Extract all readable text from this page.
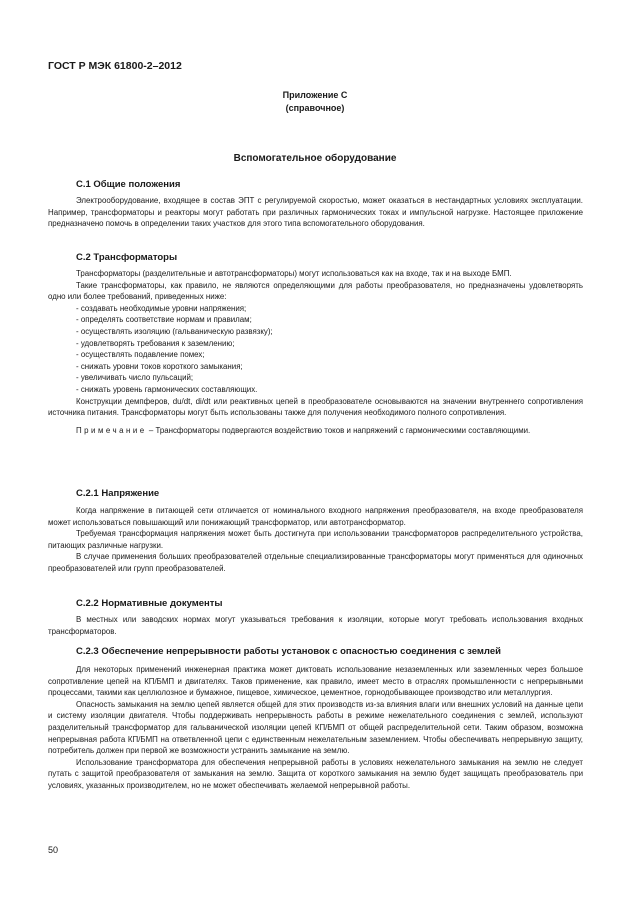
ГОСТ Р МЭК 61800-2–2012
Приложение С
(справочное)
Вспомогательное оборудование
С.1 Общие положения

Электрооборудование, входящее в состав ЭПТ с регулируемой скоростью, может оказаться в нестандартных условиях эксплуатации. Например, трансформаторы и реакторы могут работать при различных гармонических токах и импульсной нагрузке. Настоящее приложение предназначено помочь в определении таких участков для этого типа вспомогательного оборудования.

С.2 Трансформаторы

Трансформаторы (разделительные и автотрансформаторы) могут использоваться как на входе, так и на выходе БМП.

Такие трансформаторы, как правило, не являются определяющими для работы преобразователя, но предназначены удовлетворять одно или более требований, приведенных ниже:

- создавать необходимые уровни напряжения;

- определять соответствие нормам и правилам;

- осуществлять изоляцию (гальваническую развязку);

- удовлетворять требования к заземлению;

- осуществлять подавление помех;

- снижать уровни токов короткого замыкания;

- увеличивать число пульсаций;

- снижать уровень гармонических составляющих.

Конструкции демпферов, du/dt, di/dt или реактивных цепей в преобразователе основываются на значении внутреннего сопротивления источника питания. Трансформаторы могут быть использованы также для получения необходимого полного сопротивления.

Примечание – Трансформаторы подвергаются воздействию токов и напряжений с гармоническими составляющими.

С.2.1 Напряжение

Когда напряжение в питающей сети отличается от номинального входного напряжения преобразователя, на входе преобразователя может использоваться повышающий или понижающий трансформатор, или автотрансформатор.

Требуемая трансформация напряжения может быть достигнута при использовании трансформаторов распределительного устройства, питающих различные нагрузки.

В случае применения больших преобразователей отдельные специализированные трансформаторы могут применяться для одиночных преобразователей или групп преобразователей.

С.2.2 Нормативные документы

В местных или заводских нормах могут указываться требования к изоляции, которые могут требовать использования входных трансформаторов.

С.2.3 Обеспечение непрерывности работы установок с опасностью соединения с землей

Для некоторых применений инженерная практика может диктовать использование незаземленных или заземленных через большое сопротивление цепей на КП/БМП и двигателях. Таков применение, как правило, имеет место в отраслях промышленности с непрерывными процессами, такими как целлюлозное и бумажное, пищевое, химическое, цементное, горнодобывающее производство или металлургия.

Опасность замыкания на землю цепей является общей для этих производств из-за влияния влаги или внешних условий на данные цепи и систему изоляции двигателя. Чтобы поддерживать непрерывность работы в режиме нежелательного соединения с землей, используют разделительный трансформатор для гальванической изоляции цепей КП/БМП от общей распределительной сети. Таким образом, возможна непрерывная работа КП/БМП на ответвленной цепи с единственным нежелательным заземлением. Чтобы обеспечивать непрерывную защиту, потребитель должен при первой же возможности устранить замыкание на землю.

Использование трансформатора для обеспечения непрерывной работы в условиях нежелательного замыкания на землю не следует путать с защитой преобразователя от замыкания на землю. Защита от короткого замыкания на землю будет защищать преобразователь при условиях, указанных производителем, но не может обеспечивать желаемой непрерывной работы.

50
